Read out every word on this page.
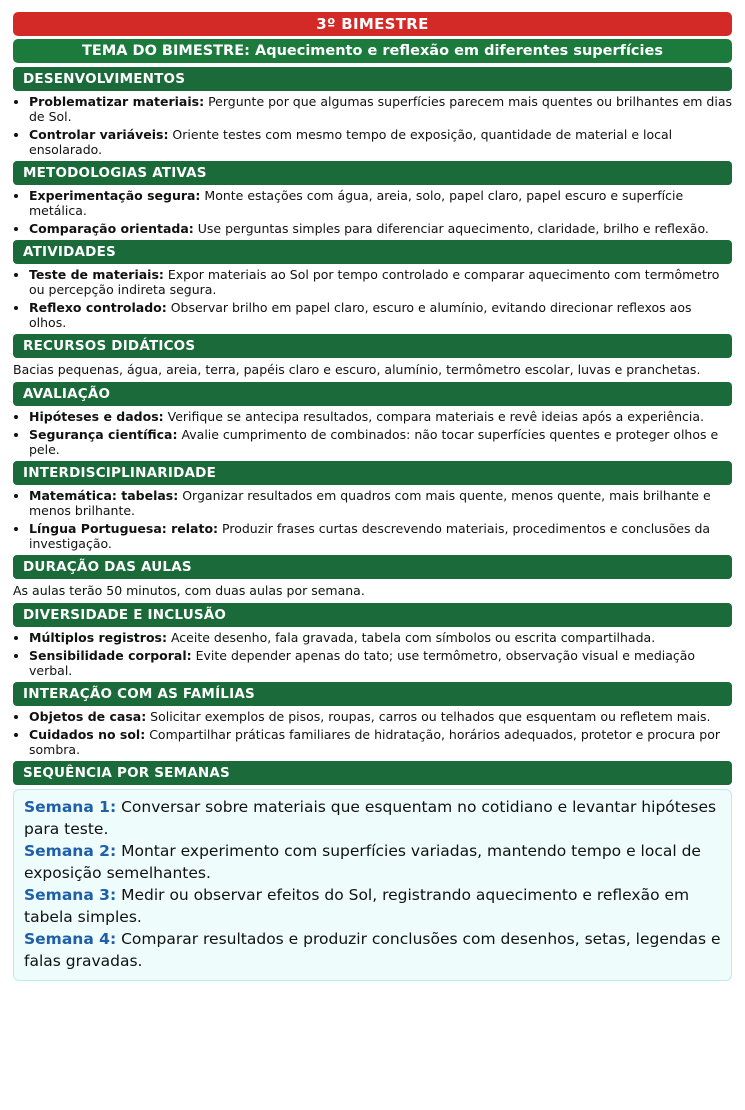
3º BIMESTRE
TEMA DO BIMESTRE: Aquecimento e reflexão em diferentes superfícies
DESENVOLVIMENTOS
• Problematizar materiais: Pergunte por que algumas superfícies parecem mais quentes ou brilhantes em dias de Sol.
• Controlar variáveis: Oriente testes com mesmo tempo de exposição, quantidade de material e local ensolarado.
METODOLOGIAS ATIVAS
• Experimentação segura: Monte estações com água, areia, solo, papel claro, papel escuro e superfície metálica.
• Comparação orientada: Use perguntas simples para diferenciar aquecimento, claridade, brilho e reflexão.
ATIVIDADES
• Teste de materiais: Expor materiais ao Sol por tempo controlado e comparar aquecimento com termômetro ou percepção indireta segura.
• Reflexo controlado: Observar brilho em papel claro, escuro e alumínio, evitando direcionar reflexos aos olhos.
RECURSOS DIDÁTICOS

Bacias pequenas, água, areia, terra, papéis claro e escuro, alumínio, termômetro escolar, luvas e pranchetas.

AVALIAÇÃO
• Hipóteses e dados: Verifique se antecipa resultados, compara materiais e revê ideias após a experiência.
• Segurança científica: Avalie cumprimento de combinados: não tocar superfícies quentes e proteger olhos e pele.
INTERDISCIPLINARIDADE
• Matemática: tabelas: Organizar resultados em quadros com mais quente, menos quente, mais brilhante e menos brilhante.
• Língua Portuguesa: relato: Produzir frases curtas descrevendo materiais, procedimentos e conclusões da investigação.
DURAÇÃO DAS AULAS

As aulas terão 50 minutos, com duas aulas por semana.

DIVERSIDADE E INCLUSÃO
• Múltiplos registros: Aceite desenho, fala gravada, tabela com símbolos ou escrita compartilhada.
• Sensibilidade corporal: Evite depender apenas do tato; use termômetro, observação visual e mediação verbal.
INTERAÇÃO COM AS FAMÍLIAS
• Objetos de casa: Solicitar exemplos de pisos, roupas, carros ou telhados que esquentam ou refletem mais.
• Cuidados no sol: Compartilhar práticas familiares de hidratação, horários adequados, protetor e procura por sombra.
SEQUÊNCIA POR SEMANAS

Semana 1: Conversar sobre materiais que esquentam no cotidiano e levantar hipóteses para teste.

Semana 2: Montar experimento com superfícies variadas, mantendo tempo e local de exposição semelhantes.

Semana 3: Medir ou observar efeitos do Sol, registrando aquecimento e reflexão em tabela simples.

Semana 4: Comparar resultados e produzir conclusões com desenhos, setas, legendas e falas gravadas.
